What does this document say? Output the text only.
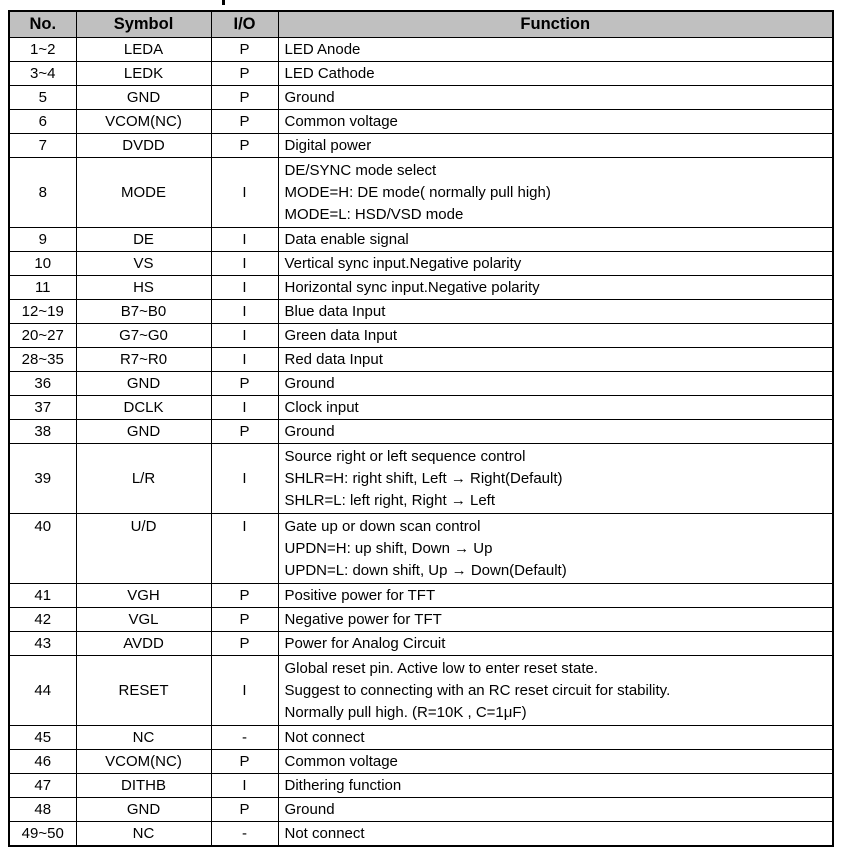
No.	Symbol	I/O	Function
1~2	LEDA	P	LED Anode

3~4	LEDK	P	LED Cathode

5	GND	P	Ground

6	VCOM(NC)	P	Common voltage

7	DVDD	P	Digital power

8	MODE	I	DE/SYNC mode select
MODE=H: DE mode( normally pull high)
MODE=L: HSD/VSD mode

9	DE	I	Data enable signal

10	VS	I	Vertical sync input.Negative polarity

11	HS	I	Horizontal sync input.Negative polarity

12~19	B7~B0	I	Blue data Input

20~27	G7~G0	I	Green data Input

28~35	R7~R0	I	Red data Input

36	GND	P	Ground

37	DCLK	I	Clock input

38	GND	P	Ground

39	L/R	I	Source right or left sequence control
SHLR=H: right shift, Left → Right(Default)
SHLR=L: left right, Right → Left

40	U/D	I	Gate up or down scan control
UPDN=H: up shift, Down → Up
UPDN=L: down shift, Up → Down(Default)

41	VGH	P	Positive power for TFT

42	VGL	P	Negative power for TFT

43	AVDD	P	Power for Analog Circuit

44	RESET	I	Global reset pin. Active low to enter reset state.
Suggest to connecting with an RC reset circuit for stability.
Normally pull high. (R=10K , C=1μF)

45	NC	-	Not connect

46	VCOM(NC)	P	Common voltage

47	DITHB	I	Dithering function

48	GND	P	Ground

49~50	NC	-	Not connect
